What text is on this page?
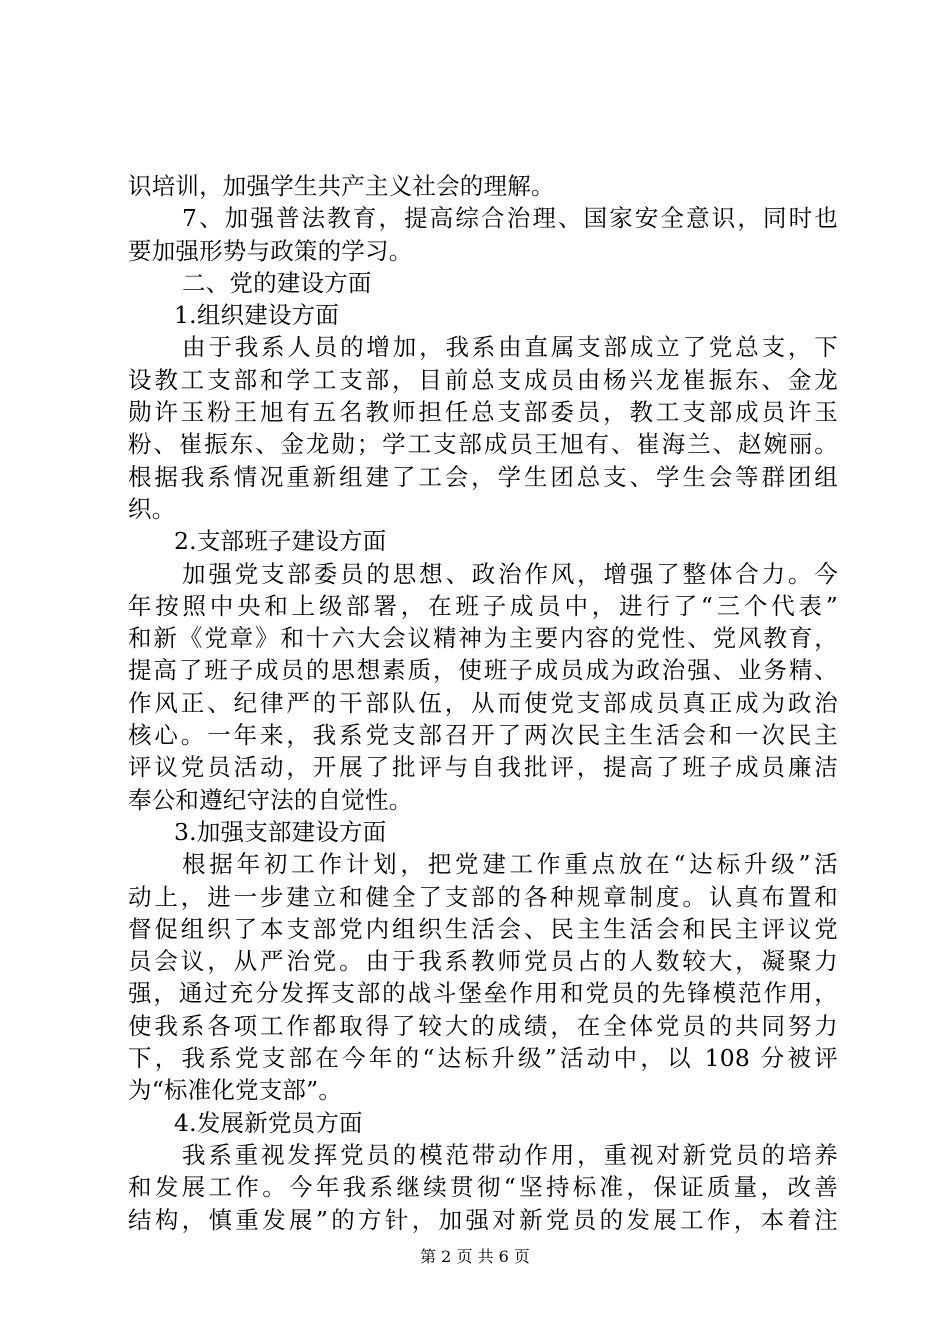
识培训，加强学生共产主义社会的理解。
7、加强普法教育，提高综合治理、国家安全意识，同时也
要加强形势与政策的学习。
二、党的建设方面
1.组织建设方面
由于我系人员的增加，我系由直属支部成立了党总支，下
设教工支部和学工支部，目前总支成员由杨兴龙崔振东、金龙
勋许玉粉王旭有五名教师担任总支部委员，教工支部成员许玉
粉、崔振东、金龙勋；学工支部成员王旭有、崔海兰、赵婉丽。
根据我系情况重新组建了工会，学生团总支、学生会等群团组
织。
2.支部班子建设方面
加强党支部委员的思想、政治作风，增强了整体合力。今
年按照中央和上级部署，在班子成员中，进行了“三个代表”
和新《党章》和十六大会议精神为主要内容的党性、党风教育，
提高了班子成员的思想素质，使班子成员成为政治强、业务精、
作风正、纪律严的干部队伍，从而使党支部成员真正成为政治
核心。一年来，我系党支部召开了两次民主生活会和一次民主
评议党员活动，开展了批评与自我批评，提高了班子成员廉洁
奉公和遵纪守法的自觉性。
3.加强支部建设方面
根据年初工作计划，把党建工作重点放在“达标升级”活
动上，进一步建立和健全了支部的各种规章制度。认真布置和
督促组织了本支部党内组织生活会、民主生活会和民主评议党
员会议，从严治党。由于我系教师党员占的人数较大，凝聚力
强，通过充分发挥支部的战斗堡垒作用和党员的先锋模范作用，
使我系各项工作都取得了较大的成绩，在全体党员的共同努力
下，我系党支部在今年的“达标升级”活动中，以 108 分被评
为“标准化党支部”。
4.发展新党员方面
我系重视发挥党员的模范带动作用，重视对新党员的培养
和发展工作。今年我系继续贯彻“坚持标准，保证质量，改善
结构，慎重发展”的方针，加强对新党员的发展工作，本着注
第 2 页 共 6 页
